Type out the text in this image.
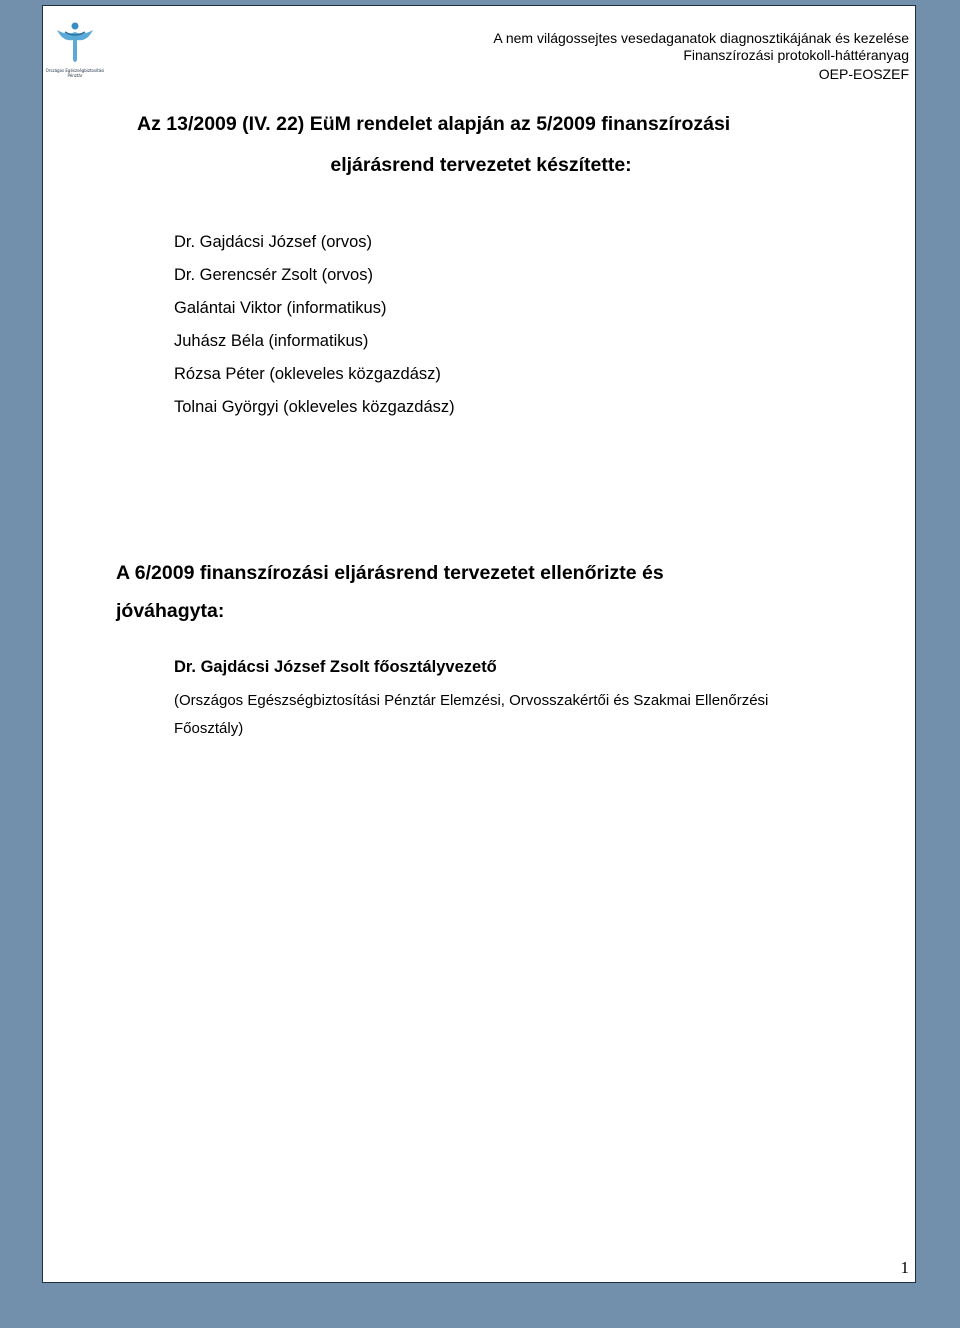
Országos Egészségbiztosítási Pénztár
A nem világossejtes vesedaganatok diagnosztikájának és kezelése
Finanszírozási protokoll-háttéranyag
OEP-EOSZEF
Az 13/2009 (IV. 22) EüM rendelet alapján az 5/2009 finanszírozási
eljárásrend tervezetet készítette:
Dr. Gajdácsi József (orvos)
Dr. Gerencsér Zsolt (orvos)
Galántai Viktor (informatikus)
Juhász Béla (informatikus)
Rózsa Péter (okleveles közgazdász)
Tolnai Györgyi (okleveles közgazdász)
A 6/2009 finanszírozási eljárásrend tervezetet ellenőrizte és
jóváhagyta:
Dr. Gajdácsi József Zsolt főosztályvezető
(Országos Egészségbiztosítási Pénztár Elemzési, Orvosszakértői és Szakmai Ellenőrzési
Főosztály)
1
